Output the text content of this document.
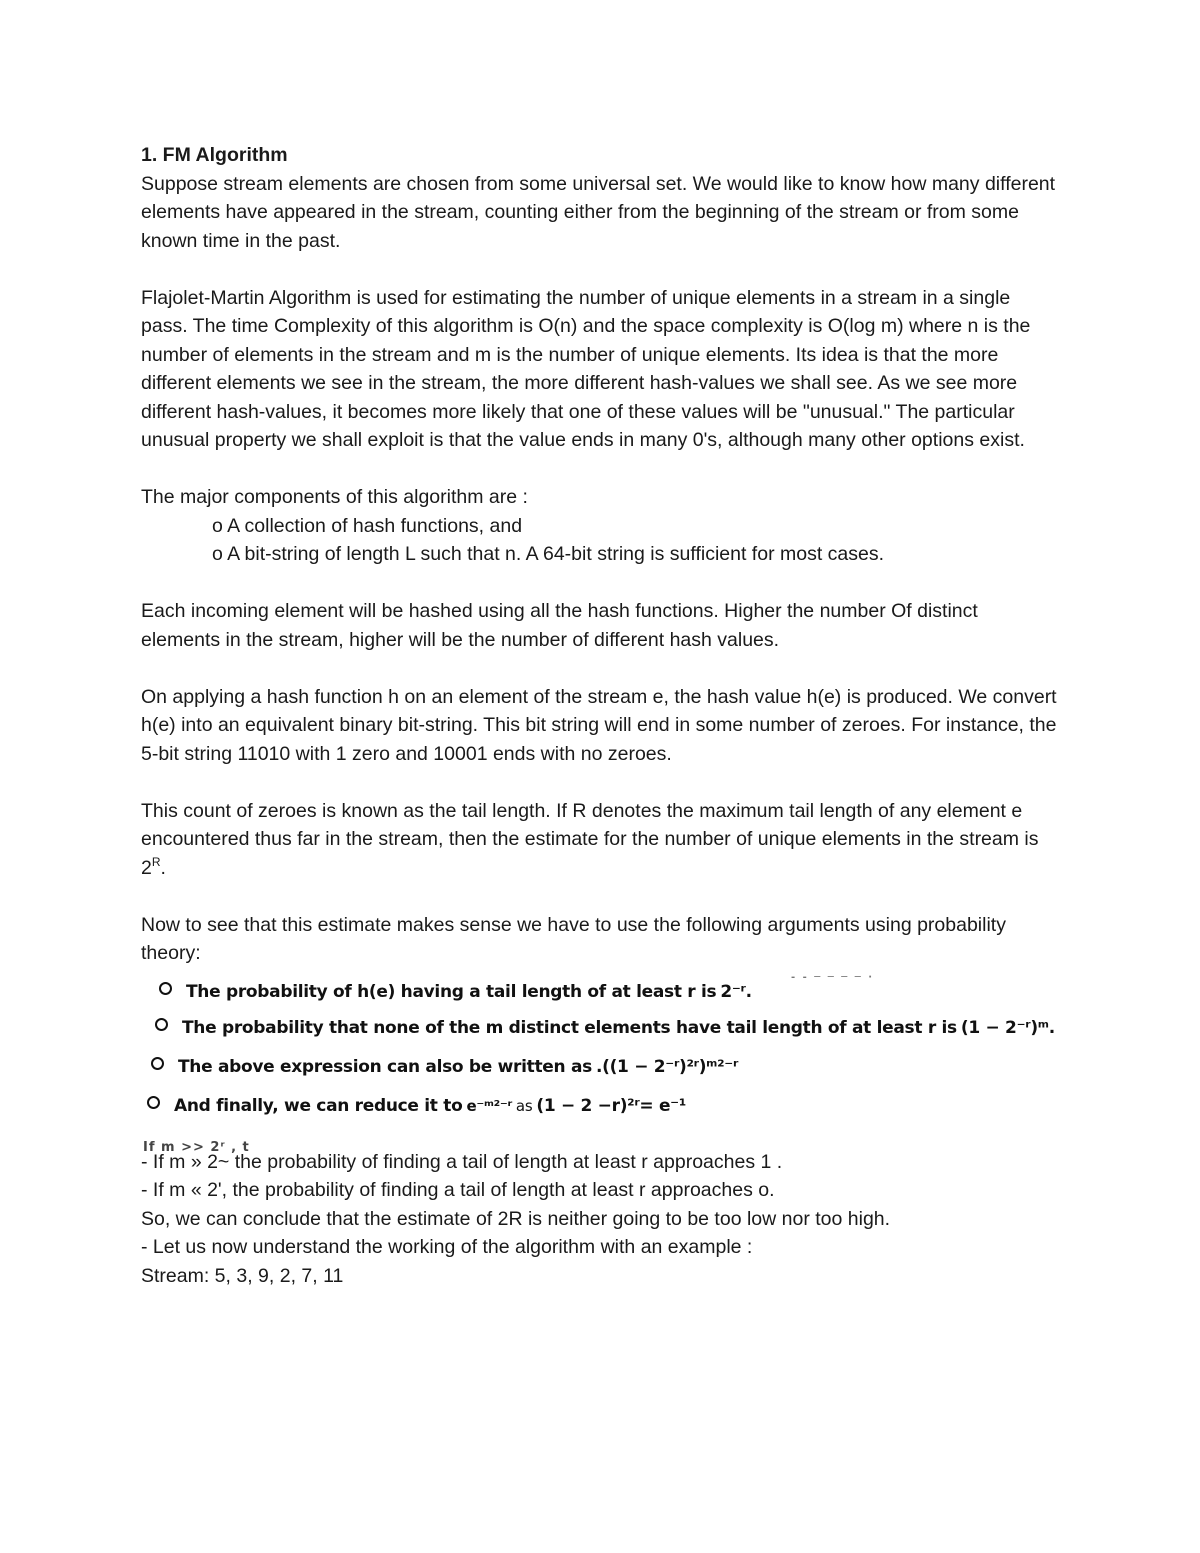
1. FM Algorithm

Suppose stream elements are chosen from some universal set. We would like to know how many different elements have appeared in the stream, counting either from the beginning of the stream or from some known time in the past.

Flajolet-Martin Algorithm is used for estimating the number of unique elements in a stream in a single pass. The time Complexity of this algorithm is O(n) and the space complexity is O(log m) where n is the number of elements in the stream and m is the number of unique elements. Its idea is that the more different elements we see in the stream, the more different hash-values we shall see. As we see more different hash-values, it becomes more likely that one of these values will be "unusual." The particular unusual property we shall exploit is that the value ends in many 0's, although many other options exist.

The major components of this algorithm are :

o A collection of hash functions, and

o A bit-string of length L such that n. A 64-bit string is sufficient for most cases.

Each incoming element will be hashed using all the hash functions. Higher the number Of distinct elements in the stream, higher will be the number of different hash values.

On applying a hash function h on an element of the stream e, the hash value h(e) is produced. We convert h(e) into an equivalent binary bit-string. This bit string will end in some number of zeroes. For instance, the 5-bit string 11010 with 1 zero and 10001 ends with no zeroes.

This count of zeroes is known as the tail length. If R denotes the maximum tail length of any element e encountered thus far in the stream, then the estimate for the number of unique elements in the stream is $2^R$.

Now to see that this estimate makes sense we have to use the following arguments using probability theory:

- - ─ ─ ─ ─ ·
The probability of h(e) having a tail length of at least r is 2⁻ʳ.
The probability that none of the m distinct elements have tail length of at least r is (1 − 2⁻ʳ)ᵐ.
The above expression can also be written as .((1 − 2⁻ʳ)²ʳ)ᵐ²⁻ʳ
And finally, we can reduce it to e⁻ᵐ²⁻ʳ as (1 − 2 −r)²ʳ= e⁻¹
If m >> 2ʳ , t

- If m » 2~ the probability of finding a tail of length at least r approaches 1 .

- If m « 2', the probability of finding a tail of length at least r approaches o.

So, we can conclude that the estimate of 2R is neither going to be too low nor too high.

- Let us now understand the working of the algorithm with an example :

Stream: 5, 3, 9, 2, 7, 11
